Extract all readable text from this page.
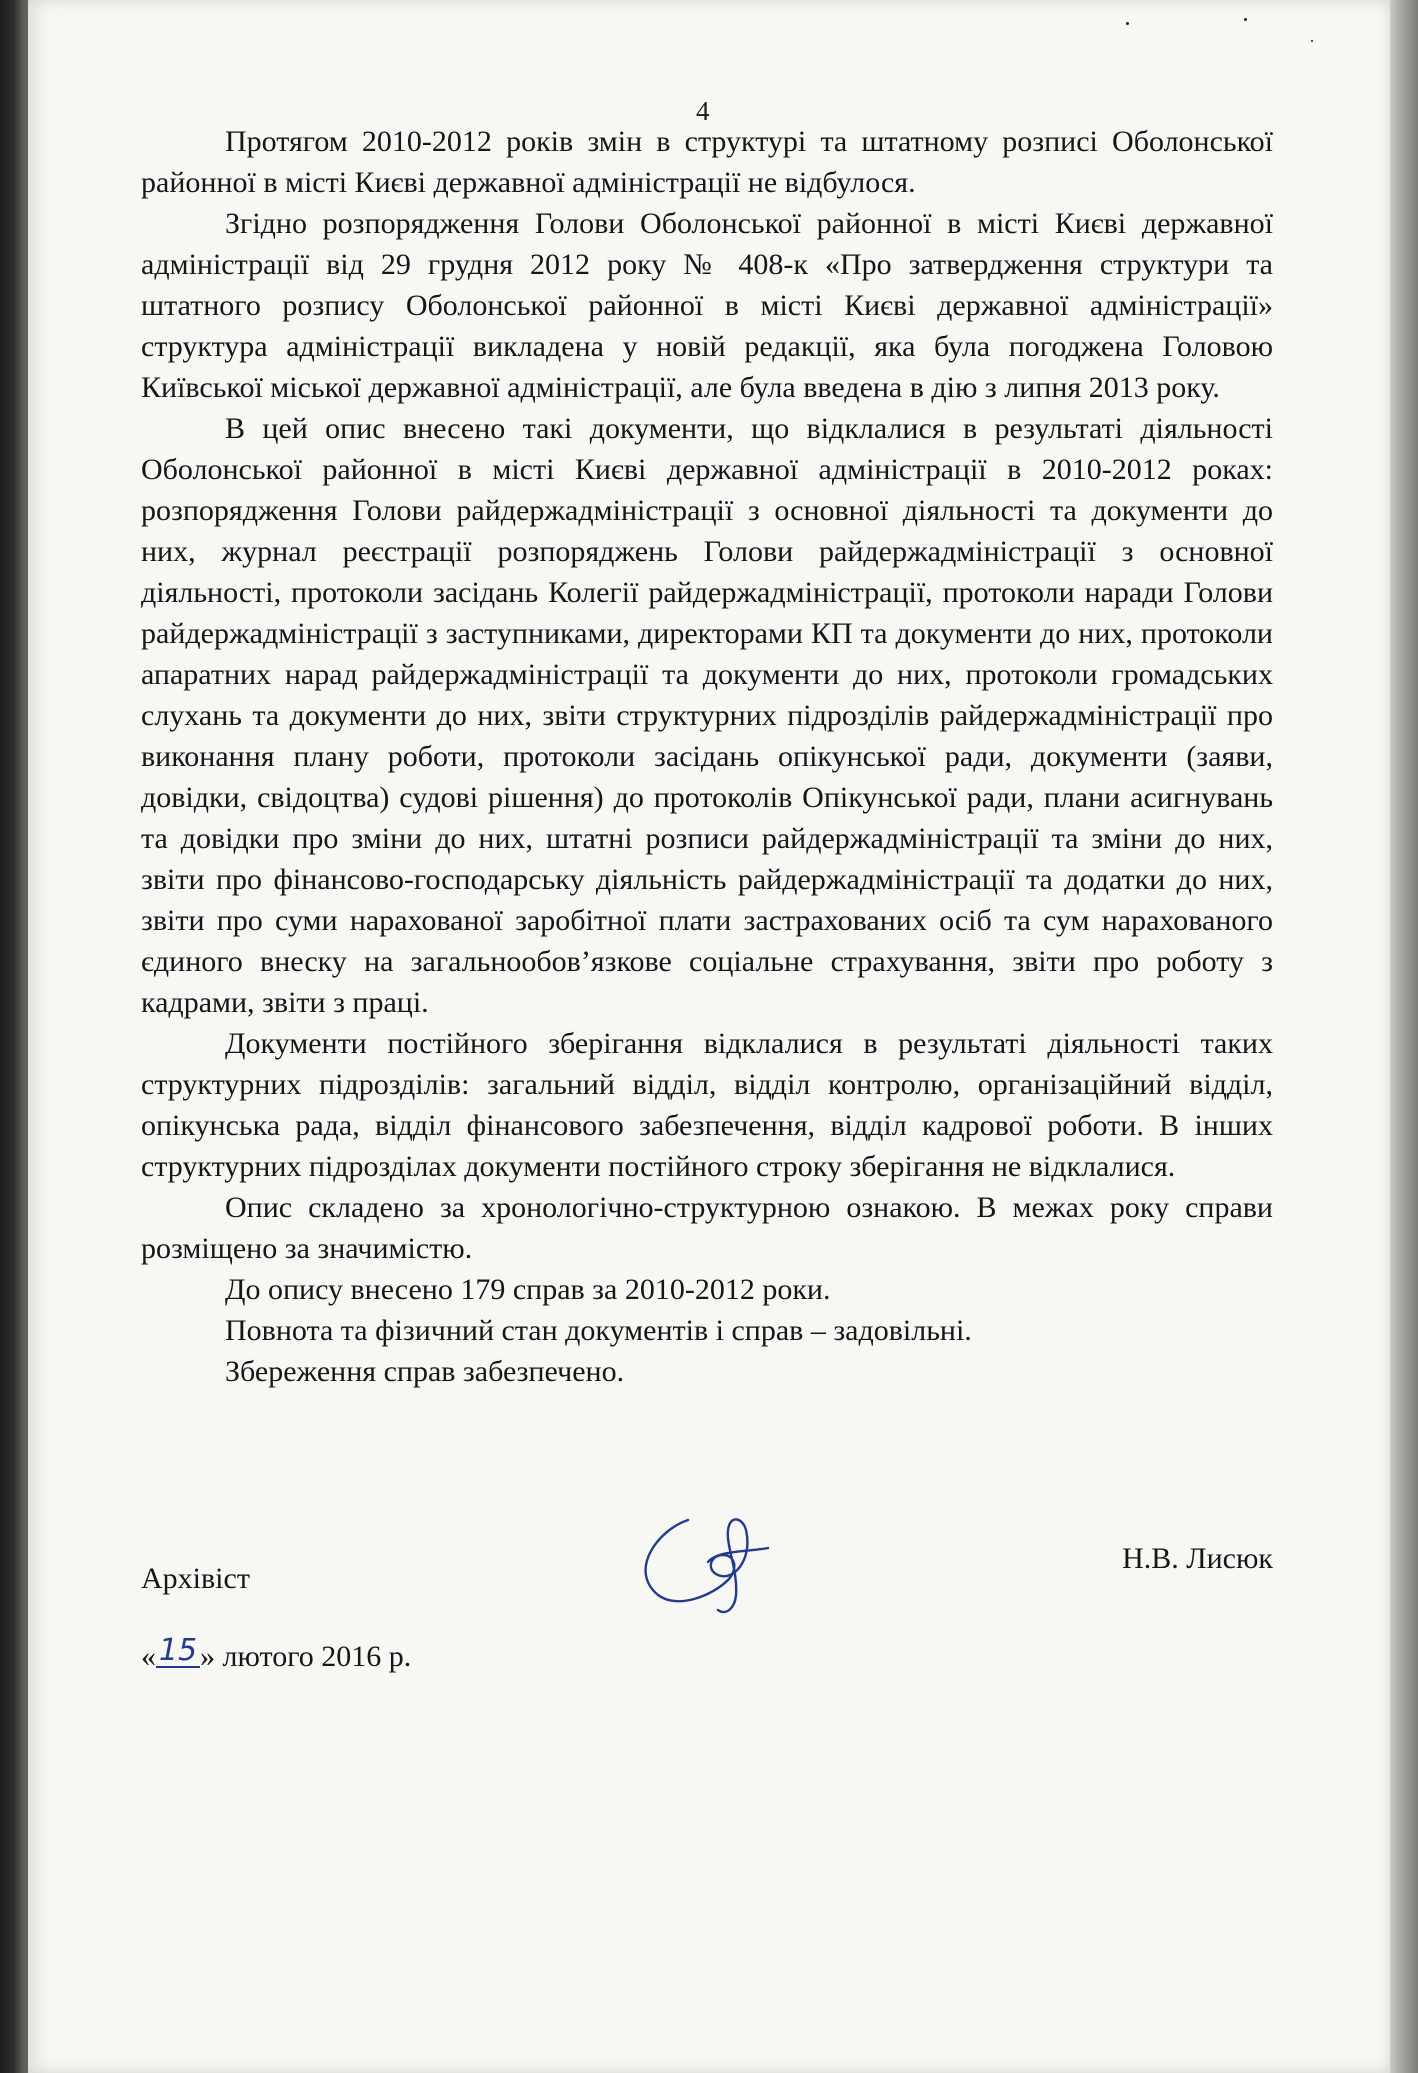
4

Протягом 2010-2012 років змін в структурі та штатному розписі Оболонської районної в місті Києві державної адміністрації не відбулося.

Згідно розпорядження Голови Оболонської районної в місті Києві державної адміністрації від 29 грудня 2012 року № 408-к «Про затвердження структури та штатного розпису Оболонської районної в місті Києві державної адміністрації» структура адміністрації викладена у новій редакції, яка була погоджена Головою Київської міської державної адміністрації, але була введена в дію з липня 2013 року.

В цей опис внесено такі документи, що відклалися в результаті діяльності Оболонської районної в місті Києві державної адміністрації в 2010-2012 роках: розпорядження Голови райдержадміністрації з основної діяльності та документи до них, журнал реєстрації розпоряджень Голови райдержадміністрації з основної діяльності, протоколи засідань Колегії райдержадміністрації, протоколи наради Голови райдержадміністрації з заступниками, директорами КП та документи до них, протоколи апаратних нарад райдержадміністрації та документи до них, протоколи громадських слухань та документи до них, звіти структурних підрозділів райдержадміністрації про виконання плану роботи, протоколи засідань опікунської ради, документи (заяви, довідки, свідоцтва) судові рішення) до протоколів Опікунської ради, плани асигнувань та довідки про зміни до них, штатні розписи райдержадміністрації та зміни до них, звіти про фінансово-господарську діяльність райдержадміністрації та додатки до них, звіти про суми нарахованої заробітної плати застрахованих осіб та сум нарахованого єдиного внеску на загальнообов’язкове соціальне страхування, звіти про роботу з кадрами, звіти з праці.

Документи постійного зберігання відклалися в результаті діяльності таких структурних підрозділів: загальний відділ, відділ контролю, організаційний відділ, опікунська рада, відділ фінансового забезпечення, відділ кадрової роботи. В інших структурних підрозділах документи постійного строку зберігання не відклалися.

Опис складено за хронологічно-структурною ознакою. В межах року справи розміщено за значимістю.

До опису внесено 179 справ за 2010-2012 роки.

Повнота та фізичний стан документів і справ – задовільні.

Збереження справ забезпечено.

Архівіст
Н.В. Лисюк
«15» лютого 2016 р.
